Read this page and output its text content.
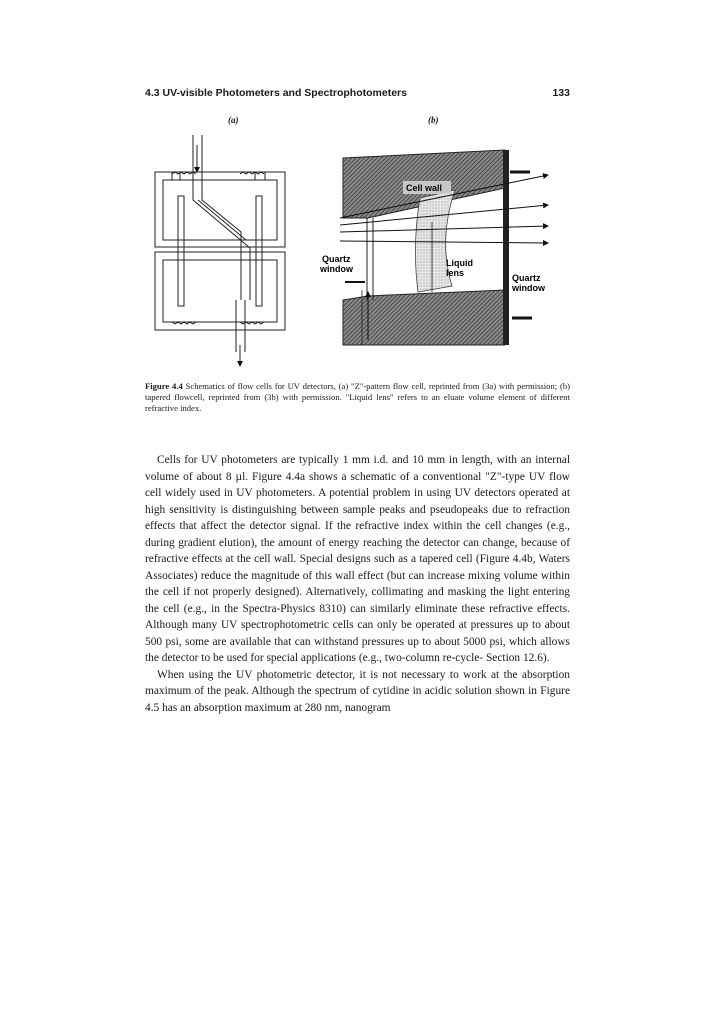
4.3 UV-visible Photometers and Spectrophotometers	133
(a)	(b)
Cell wall
Quartz
window
Liquid
lens	Quartz
window
Figure 4.4 Schematics of flow cells for UV detectors, (a) "Z"-pattern flow cell, reprinted from (3a) with permission; (b) tapered flowcell, reprinted from (3b) with permission. "Liquid lens" refers to an eluate volume element of different refractive index.

Cells for UV photometers are typically 1 mm i.d. and 10 mm in length, with an internal volume of about 8 µl. Figure 4.4a shows a schematic of a conventional "Z"-type UV flow cell widely used in UV photometers. A potential problem in using UV detectors operated at high sensitivity is distinguishing between sample peaks and pseudopeaks due to refraction effects that affect the detector signal. If the refractive index within the cell changes (e.g., during gradient elution), the amount of energy reaching the detector can change, because of refractive effects at the cell wall. Special designs such as a tapered cell (Figure 4.4b, Waters Associates) reduce the magnitude of this wall effect (but can increase mixing volume within the cell if not properly designed). Alternatively, collimating and masking the light entering the cell (e.g., in the Spectra-Physics 8310) can similarly eliminate these refractive effects. Although many UV spectrophotometric cells can only be operated at pressures up to about 500 psi, some are available that can withstand pressures up to about 5000 psi, which allows the detector to be used for special applications (e.g., two-column re-cycle- Section 12.6).

When using the UV photometric detector, it is not necessary to work at the absorption maximum of the peak. Although the spectrum of cytidine in acidic solution shown in Figure 4.5 has an absorption maximum at 280 nm, nanogram
